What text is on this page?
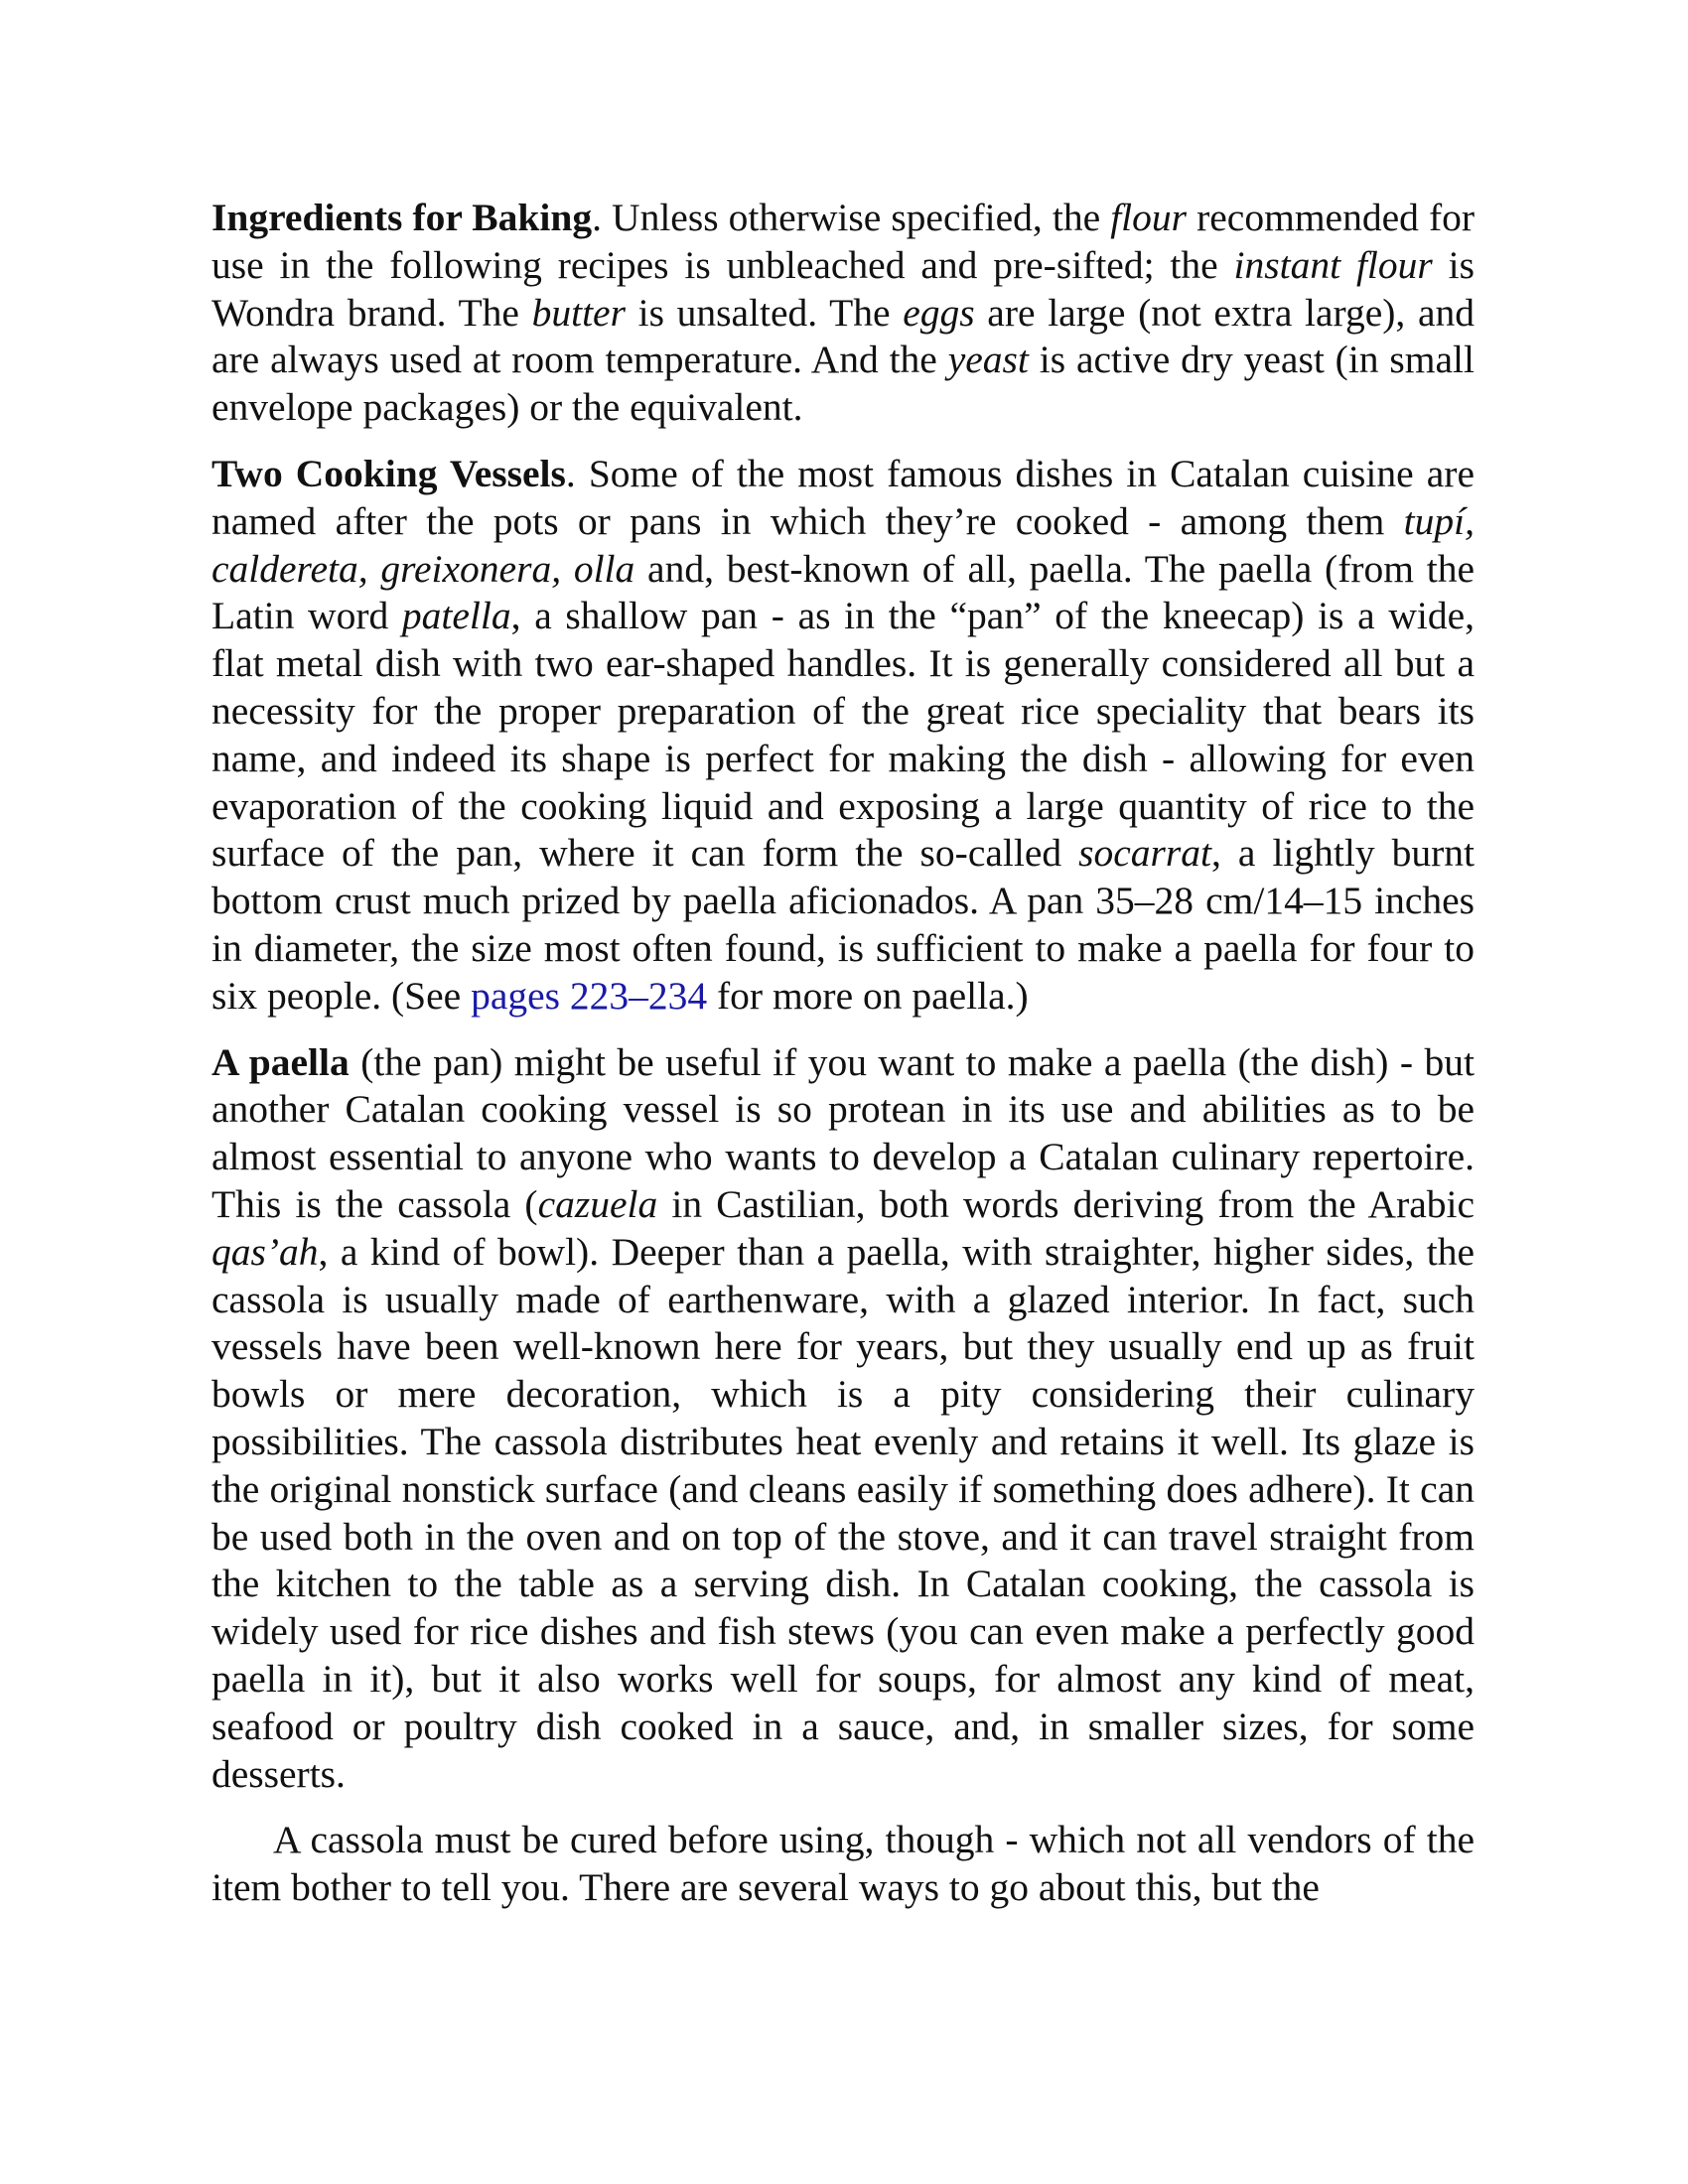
Ingredients for Baking. Unless otherwise specified, the flour recommended for use in the following recipes is unbleached and pre-sifted; the instant flour is Wondra brand. The butter is unsalted. The eggs are large (not extra large), and are always used at room temperature. And the yeast is active dry yeast (in small envelope packages) or the equivalent.

Two Cooking Vessels. Some of the most famous dishes in Catalan cuisine are named after the pots or pans in which they’re cooked - among them tupí, caldereta, greixonera, olla and, best-known of all, paella. The paella (from the Latin word patella, a shallow pan - as in the “pan” of the kneecap) is a wide, flat metal dish with two ear-shaped handles. It is generally considered all but a necessity for the proper preparation of the great rice speciality that bears its name, and indeed its shape is perfect for making the dish - allowing for even evaporation of the cooking liquid and exposing a large quantity of rice to the surface of the pan, where it can form the so-called socarrat, a lightly burnt bottom crust much prized by paella aficionados. A pan 35–28 cm/14–15 inches in diameter, the size most often found, is sufficient to make a paella for four to six people. (See pages 223–234 for more on paella.)

A paella (the pan) might be useful if you want to make a paella (the dish) - but another Catalan cooking vessel is so protean in its use and abilities as to be almost essential to anyone who wants to develop a Catalan culinary repertoire. This is the cassola (cazuela in Castilian, both words deriving from the Arabic qas’ah, a kind of bowl). Deeper than a paella, with straighter, higher sides, the cassola is usually made of earthenware, with a glazed interior. In fact, such vessels have been well-known here for years, but they usually end up as fruit bowls or mere decoration, which is a pity considering their culinary possibilities. The cassola distributes heat evenly and retains it well. Its glaze is the original nonstick surface (and cleans easily if something does adhere). It can be used both in the oven and on top of the stove, and it can travel straight from the kitchen to the table as a serving dish. In Catalan cooking, the cassola is widely used for rice dishes and fish stews (you can even make a perfectly good paella in it), but it also works well for soups, for almost any kind of meat, seafood or poultry dish cooked in a sauce, and, in smaller sizes, for some desserts.

A cassola must be cured before using, though - which not all vendors of the item bother to tell you. There are several ways to go about this, but the
